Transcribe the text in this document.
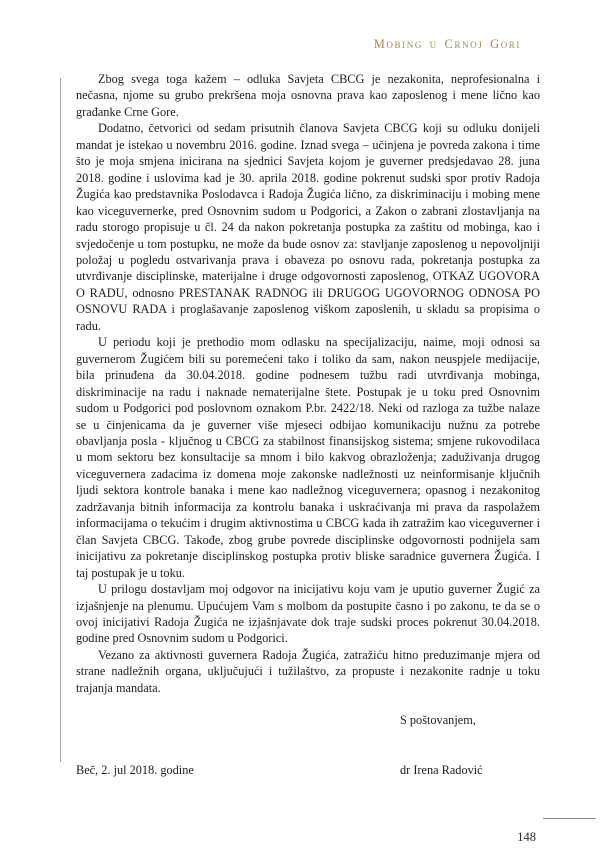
Mobing u Crnoj Gori

Zbog svega toga kažem – odluka Savjeta CBCG je nezakonita, neprofesionalna i nečasna, njome su grubo prekršena moja osnovna prava kao zaposlenog i mene lično kao građanke Crne Gore.

Dodatno, četvorici od sedam prisutnih članova Savjeta CBCG koji su odluku donijeli mandat je istekao u novembru 2016. godine. Iznad svega – učinjena je povreda zakona i time što je moja smjena inicirana na sjednici Savjeta kojom je guverner predsjedavao 28. juna 2018. godine i uslovima kad je 30. aprila 2018. godine pokrenut sudski spor protiv Radoja Žugića kao predstavnika Poslodavca i Radoja Žugića lično, za diskriminaciju i mobing mene kao viceguvernerke, pred Osnovnim sudom u Podgorici, a Zakon o zabrani zlostavljanja na radu storogo propisuje u čl. 24 da nakon pokretanja postupka za zaštitu od mobinga, kao i svjedočenje u tom postupku, ne može da bude osnov za: stavljanje zaposlenog u nepovoljniji položaj u pogledu ostvarivanja prava i obaveza po osnovu rada, pokretanja postupka za utvrđivanje disciplinske, materijalne i druge odgovornosti zaposlenog, OTKAZ UGOVORA O RADU, odnosno PRESTANAK RADNOG ili DRUGOG UGOVORNOG ODNOSA PO OSNOVU RADA i proglašavanje zaposlenog viškom zaposlenih, u skladu sa propisima o radu.

U periodu koji je prethodio mom odlasku na specijalizaciju, naime, moji odnosi sa guvernerom Žugićem bili su poremećeni tako i toliko da sam, nakon neuspjele medijacije, bila prinuđena da 30.04.2018. godine podnesem tužbu radi utvrđivanja mobinga, diskriminacije na radu i naknade nematerijalne štete. Postupak je u toku pred Osnovnim sudom u Podgorici pod poslovnom oznakom P.br. 2422/18. Neki od razloga za tužbe nalaze se u činjenicama da je guverner više mjeseci odbijao komunikaciju nužnu za potrebe obavljanja posla - ključnog u CBCG za stabilnost finansijskog sistema; smjene rukovodilaca u mom sektoru bez konsultacije sa mnom i bilo kakvog obrazloženja; zaduživanja drugog viceguvernera zadacima iz domena moje zakonske nadležnosti uz neinformisanje ključnih ljudi sektora kontrole banaka i mene kao nadležnog viceguvernera; opasnog i nezakonitog zadržavanja bitnih informacija za kontrolu banaka i uskraćivanja mi prava da raspolažem informacijama o tekućim i drugim aktivnostima u CBCG kada ih zatražim kao viceguverner i član Savjeta CBCG. Takođe, zbog grube povrede disciplinske odgovornosti podnijela sam inicijativu za pokretanje disciplinskog postupka protiv bliske saradnice guvernera Žugića. I taj postupak je u toku.

U prilogu dostavljam moj odgovor na inicijativu koju vam je uputio guverner Žugić za izjašnjenje na plenumu. Upućujem Vam s molbom da postupite časno i po zakonu, te da se o ovoj inicijativi Radoja Žugića ne izjašnjavate dok traje sudski proces pokrenut 30.04.2018. godine pred Osnovnim sudom u Podgorici.

Vezano za aktivnosti guvernera Radoja Žugića, zatražiću hitno preduzimanje mjera od strane nadležnih organa, uključujući i tužilaštvo, za propuste i nezakonite radnje u toku trajanja mandata.

S poštovanjem,
Beč, 2. jul 2018. godine	dr Irena Radović
148
